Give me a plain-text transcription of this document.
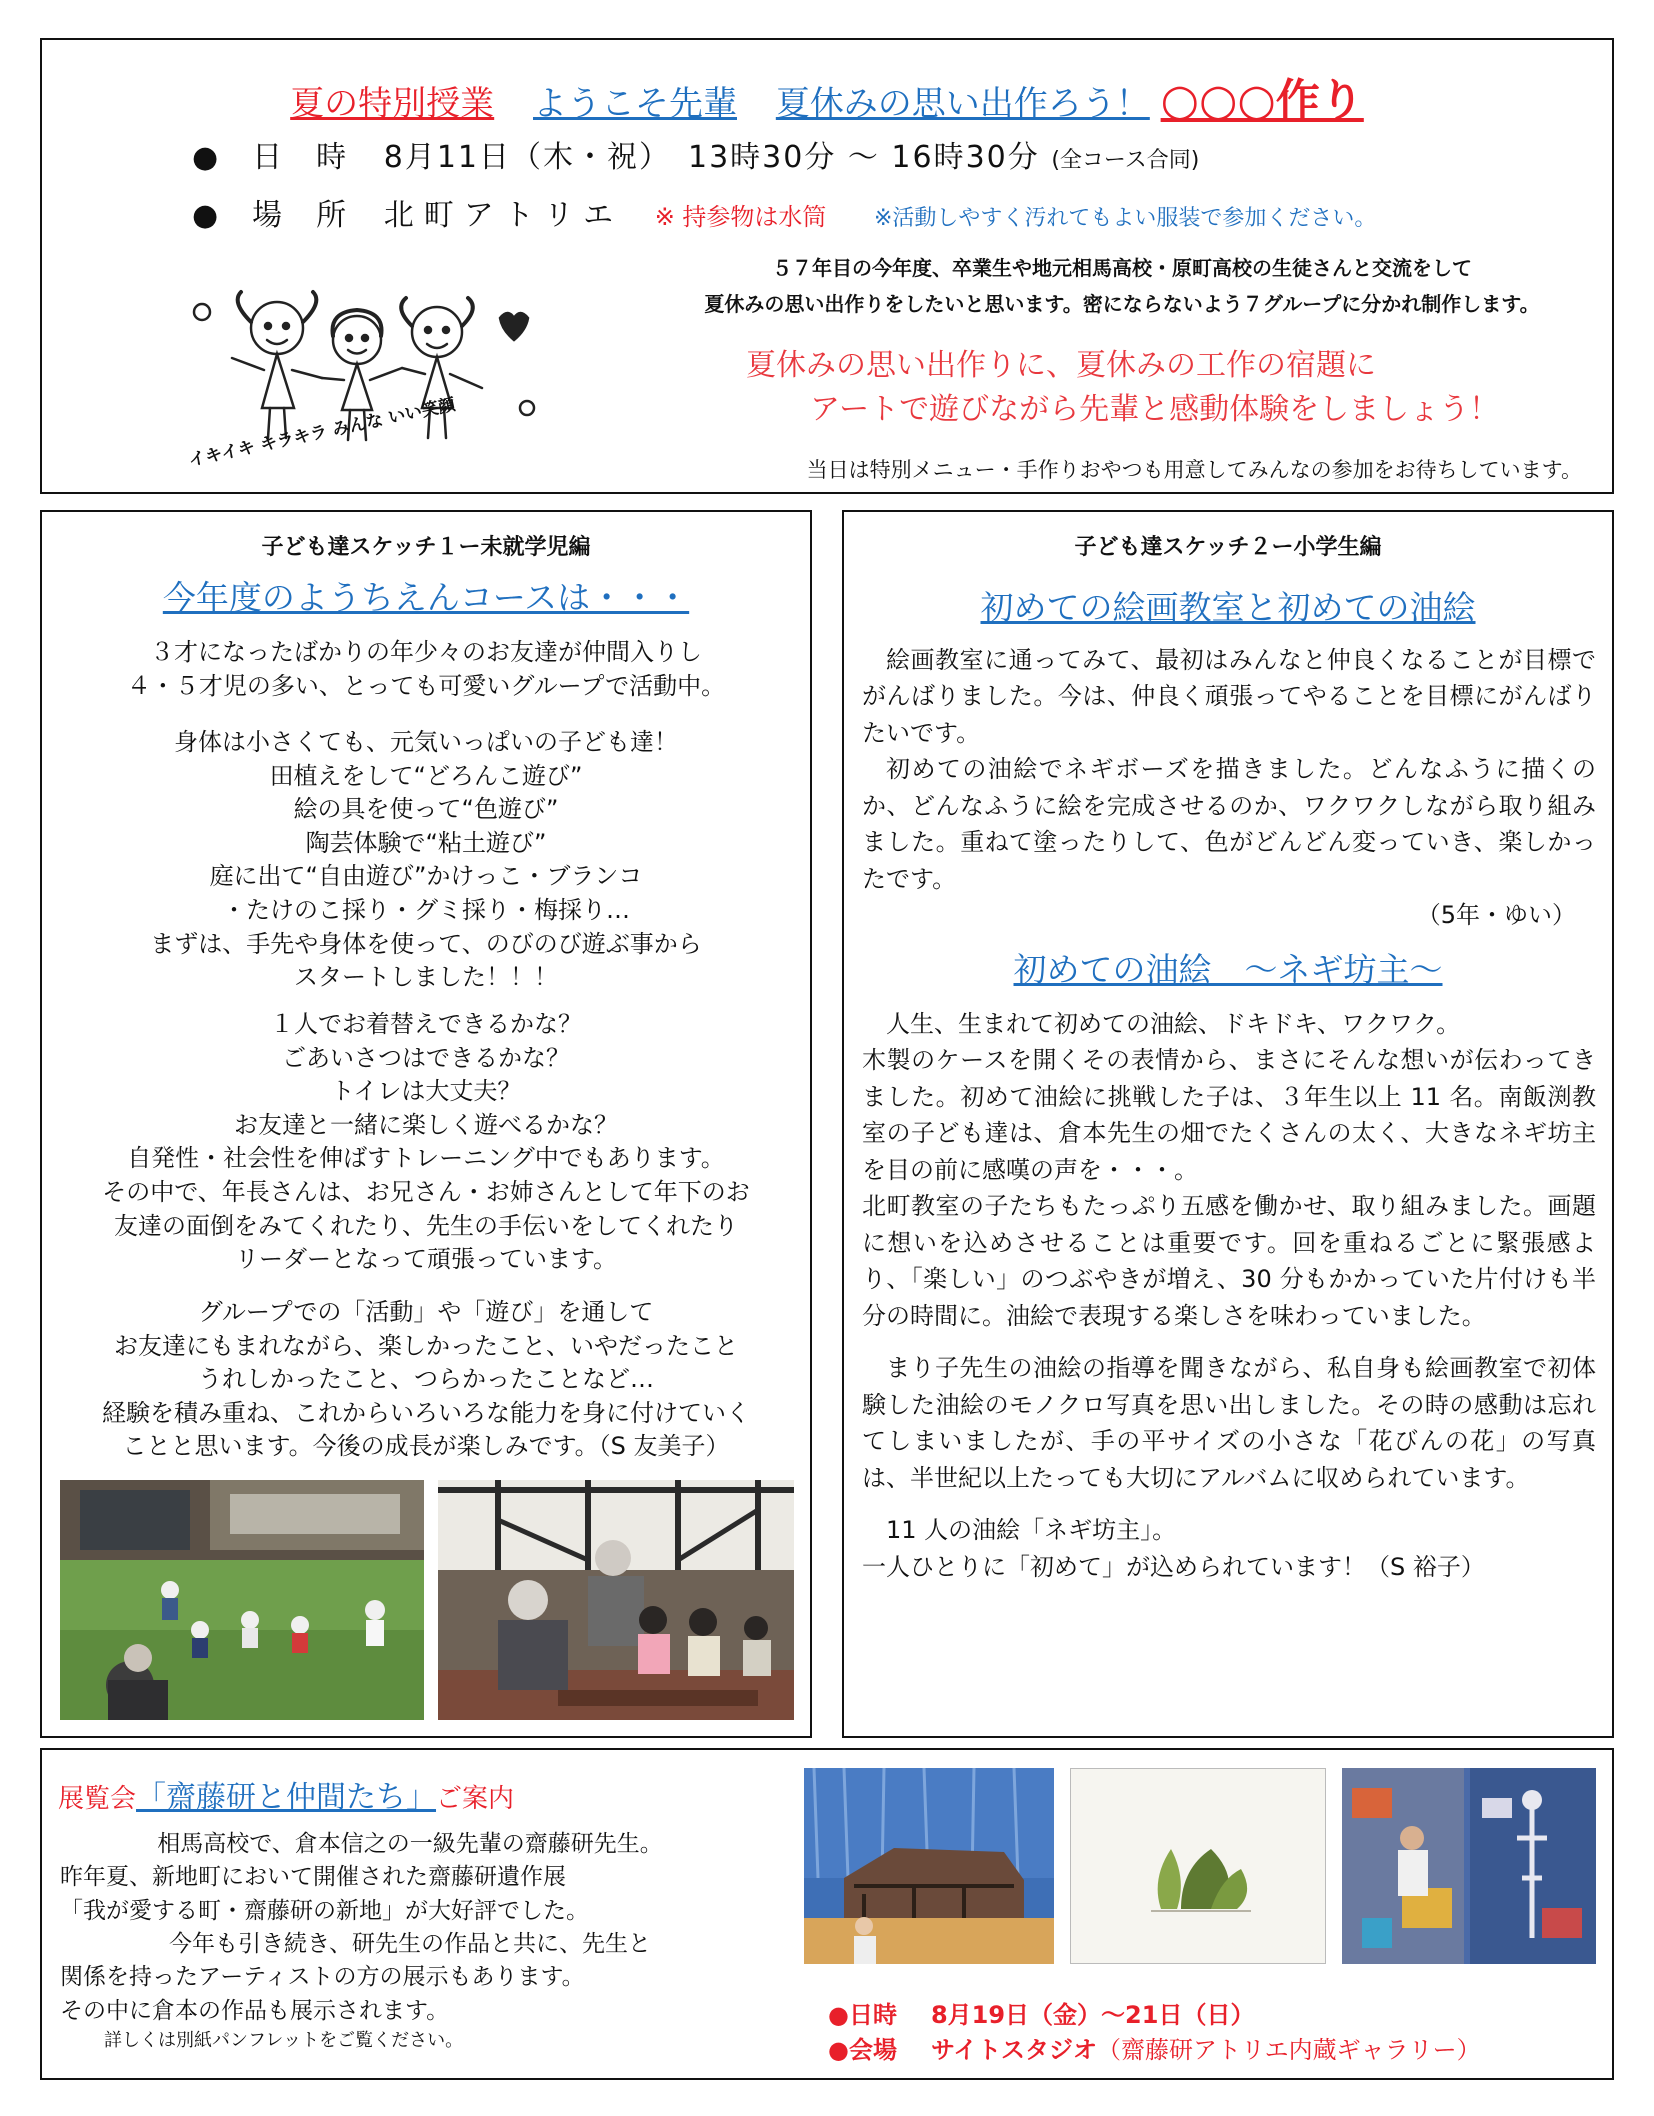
夏の特別授業 ようこそ先輩 夏休みの思い出作ろう！ ○○○作り
●　日　時 8月11日（木・祝）　13時30分 ～ 16時30分 (全コース合同)
●　場　所 北町アトリエ ※ 持参物は水筒 ※活動しやすく汚れてもよい服装で参加ください。
イキイキ キラキラ みんな いい笑顔
５７年目の今年度、卒業生や地元相馬高校・原町高校の生徒さんと交流をして
夏休みの思い出作りをしたいと思います。密にならないよう７グループに分かれ制作します。
夏休みの思い出作りに、夏休みの工作の宿題に
アートで遊びながら先輩と感動体験をしましょう！
当日は特別メニュー・手作りおやつも用意してみんなの参加をお待ちしています。
子ども達スケッチ１ー未就学児編
今年度のようちえんコースは・・・
３才になったばかりの年少々のお友達が仲間入りし
４・５才児の多い、とっても可愛いグループで活動中。
身体は小さくても、元気いっぱいの子ども達！
田植えをして“どろんこ遊び”
絵の具を使って“色遊び”
陶芸体験で“粘土遊び”
庭に出て“自由遊び”かけっこ・ブランコ
・たけのこ採り・グミ採り・梅採り…
まずは、手先や身体を使って、のびのび遊ぶ事から
スタートしました！！！
１人でお着替えできるかな？
ごあいさつはできるかな？
トイレは大丈夫？
お友達と一緒に楽しく遊べるかな？
自発性・社会性を伸ばすトレーニング中でもあります。
その中で、年長さんは、お兄さん・お姉さんとして年下のお
友達の面倒をみてくれたり、先生の手伝いをしてくれたり
リーダーとなって頑張っています。
グループでの「活動」や「遊び」を通して
お友達にもまれながら、楽しかったこと、いやだったこと
うれしかったこと、つらかったことなど…
経験を積み重ね、これからいろいろな能力を身に付けていく
ことと思います。今後の成長が楽しみです。（S 友美子）
子ども達スケッチ２ー小学生編
初めての絵画教室と初めての油絵
絵画教室に通ってみて、最初はみんなと仲良くなることが目標でがんばりました。今は、仲良く頑張ってやることを目標にがんばりたいです。
初めての油絵でネギボーズを描きました。どんなふうに描くのか、どんなふうに絵を完成させるのか、ワクワクしながら取り組みました。重ねて塗ったりして、色がどんどん変っていき、楽しかったです。
（5年・ゆい）
初めての油絵　～ネギ坊主～
人生、生まれて初めての油絵、ドキドキ、ワクワク。
木製のケースを開くその表情から、まさにそんな想いが伝わってきました。初めて油絵に挑戦した子は、３年生以上 11 名。南飯渕教室の子ども達は、倉本先生の畑でたくさんの太く、大きなネギ坊主を目の前に感嘆の声を・・・。
北町教室の子たちもたっぷり五感を働かせ、取り組みました。画題に想いを込めさせることは重要です。回を重ねるごとに緊張感より、「楽しい」のつぶやきが増え、30 分もかかっていた片付けも半分の時間に。油絵で表現する楽しさを味わっていました。
まり子先生の油絵の指導を聞きながら、私自身も絵画教室で初体験した油絵のモノクロ写真を思い出しました。その時の感動は忘れてしまいましたが、手の平サイズの小さな「花びんの花」の写真は、半世紀以上たっても大切にアルバムに収められています。
11 人の油絵「ネギ坊主」。
一人ひとりに「初めて」が込められています！（S 裕子）
展覧会「齋藤研と仲間たち」ご案内
相馬高校で、倉本信之の一級先輩の齋藤研先生。
昨年夏、新地町において開催された齋藤研遺作展
「我が愛する町・齋藤研の新地」が大好評でした。
今年も引き続き、研先生の作品と共に、先生と
関係を持ったアーティストの方の展示もあります。
その中に倉本の作品も展示されます。
詳しくは別紙パンフレットをご覧ください。
●日時 8月19日（金）～21日（日）
●会場 サイトスタジオ（齋藤研アトリエ内蔵ギャラリー）
